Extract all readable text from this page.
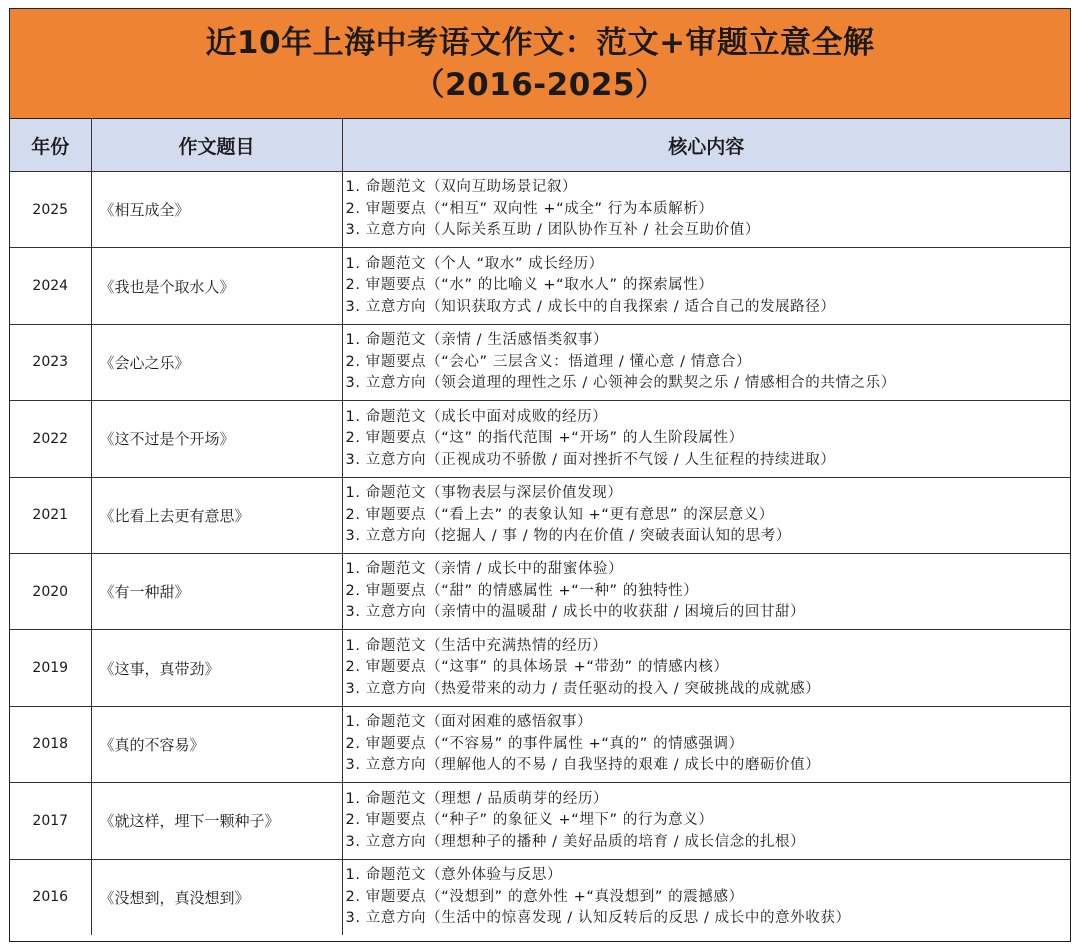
近10年上海中考语文作文：范文+审题立意全解
（2016-2025）
年份	作文题目	核心内容
2025	《相互成全》	1. 命题范文（双向互助场景记叙）
2. 审题要点（“相互” 双向性 +“成全” 行为本质解析）
3. 立意方向（人际关系互助 / 团队协作互补 / 社会互助价值）

2024	《我也是个取水人》	1. 命题范文（个人 “取水” 成长经历）
2. 审题要点（“水” 的比喻义 +“取水人” 的探索属性）
3. 立意方向（知识获取方式 / 成长中的自我探索 / 适合自己的发展路径）

2023	《会心之乐》	1. 命题范文（亲情 / 生活感悟类叙事）
2. 审题要点（“会心” 三层含义：悟道理 / 懂心意 / 情意合）
3. 立意方向（领会道理的理性之乐 / 心领神会的默契之乐 / 情感相合的共情之乐）

2022	《这不过是个开场》	1. 命题范文（成长中面对成败的经历）
2. 审题要点（“这” 的指代范围 +“开场” 的人生阶段属性）
3. 立意方向（正视成功不骄傲 / 面对挫折不气馁 / 人生征程的持续进取）

2021	《比看上去更有意思》	1. 命题范文（事物表层与深层价值发现）
2. 审题要点（“看上去” 的表象认知 +“更有意思” 的深层意义）
3. 立意方向（挖掘人 / 事 / 物的内在价值 / 突破表面认知的思考）

2020	《有一种甜》	1. 命题范文（亲情 / 成长中的甜蜜体验）
2. 审题要点（“甜” 的情感属性 +“一种” 的独特性）
3. 立意方向（亲情中的温暖甜 / 成长中的收获甜 / 困境后的回甘甜）

2019	《这事，真带劲》	1. 命题范文（生活中充满热情的经历）
2. 审题要点（“这事” 的具体场景 +“带劲” 的情感内核）
3. 立意方向（热爱带来的动力 / 责任驱动的投入 / 突破挑战的成就感）

2018	《真的不容易》	1. 命题范文（面对困难的感悟叙事）
2. 审题要点（“不容易” 的事件属性 +“真的” 的情感强调）
3. 立意方向（理解他人的不易 / 自我坚持的艰难 / 成长中的磨砺价值）

2017	《就这样，埋下一颗种子》	1. 命题范文（理想 / 品质萌芽的经历）
2. 审题要点（“种子” 的象征义 +“埋下” 的行为意义）
3. 立意方向（理想种子的播种 / 美好品质的培育 / 成长信念的扎根）

2016	《没想到，真没想到》	1. 命题范文（意外体验与反思）
2. 审题要点（“没想到” 的意外性 +“真没想到” 的震撼感）
3. 立意方向（生活中的惊喜发现 / 认知反转后的反思 / 成长中的意外收获）
